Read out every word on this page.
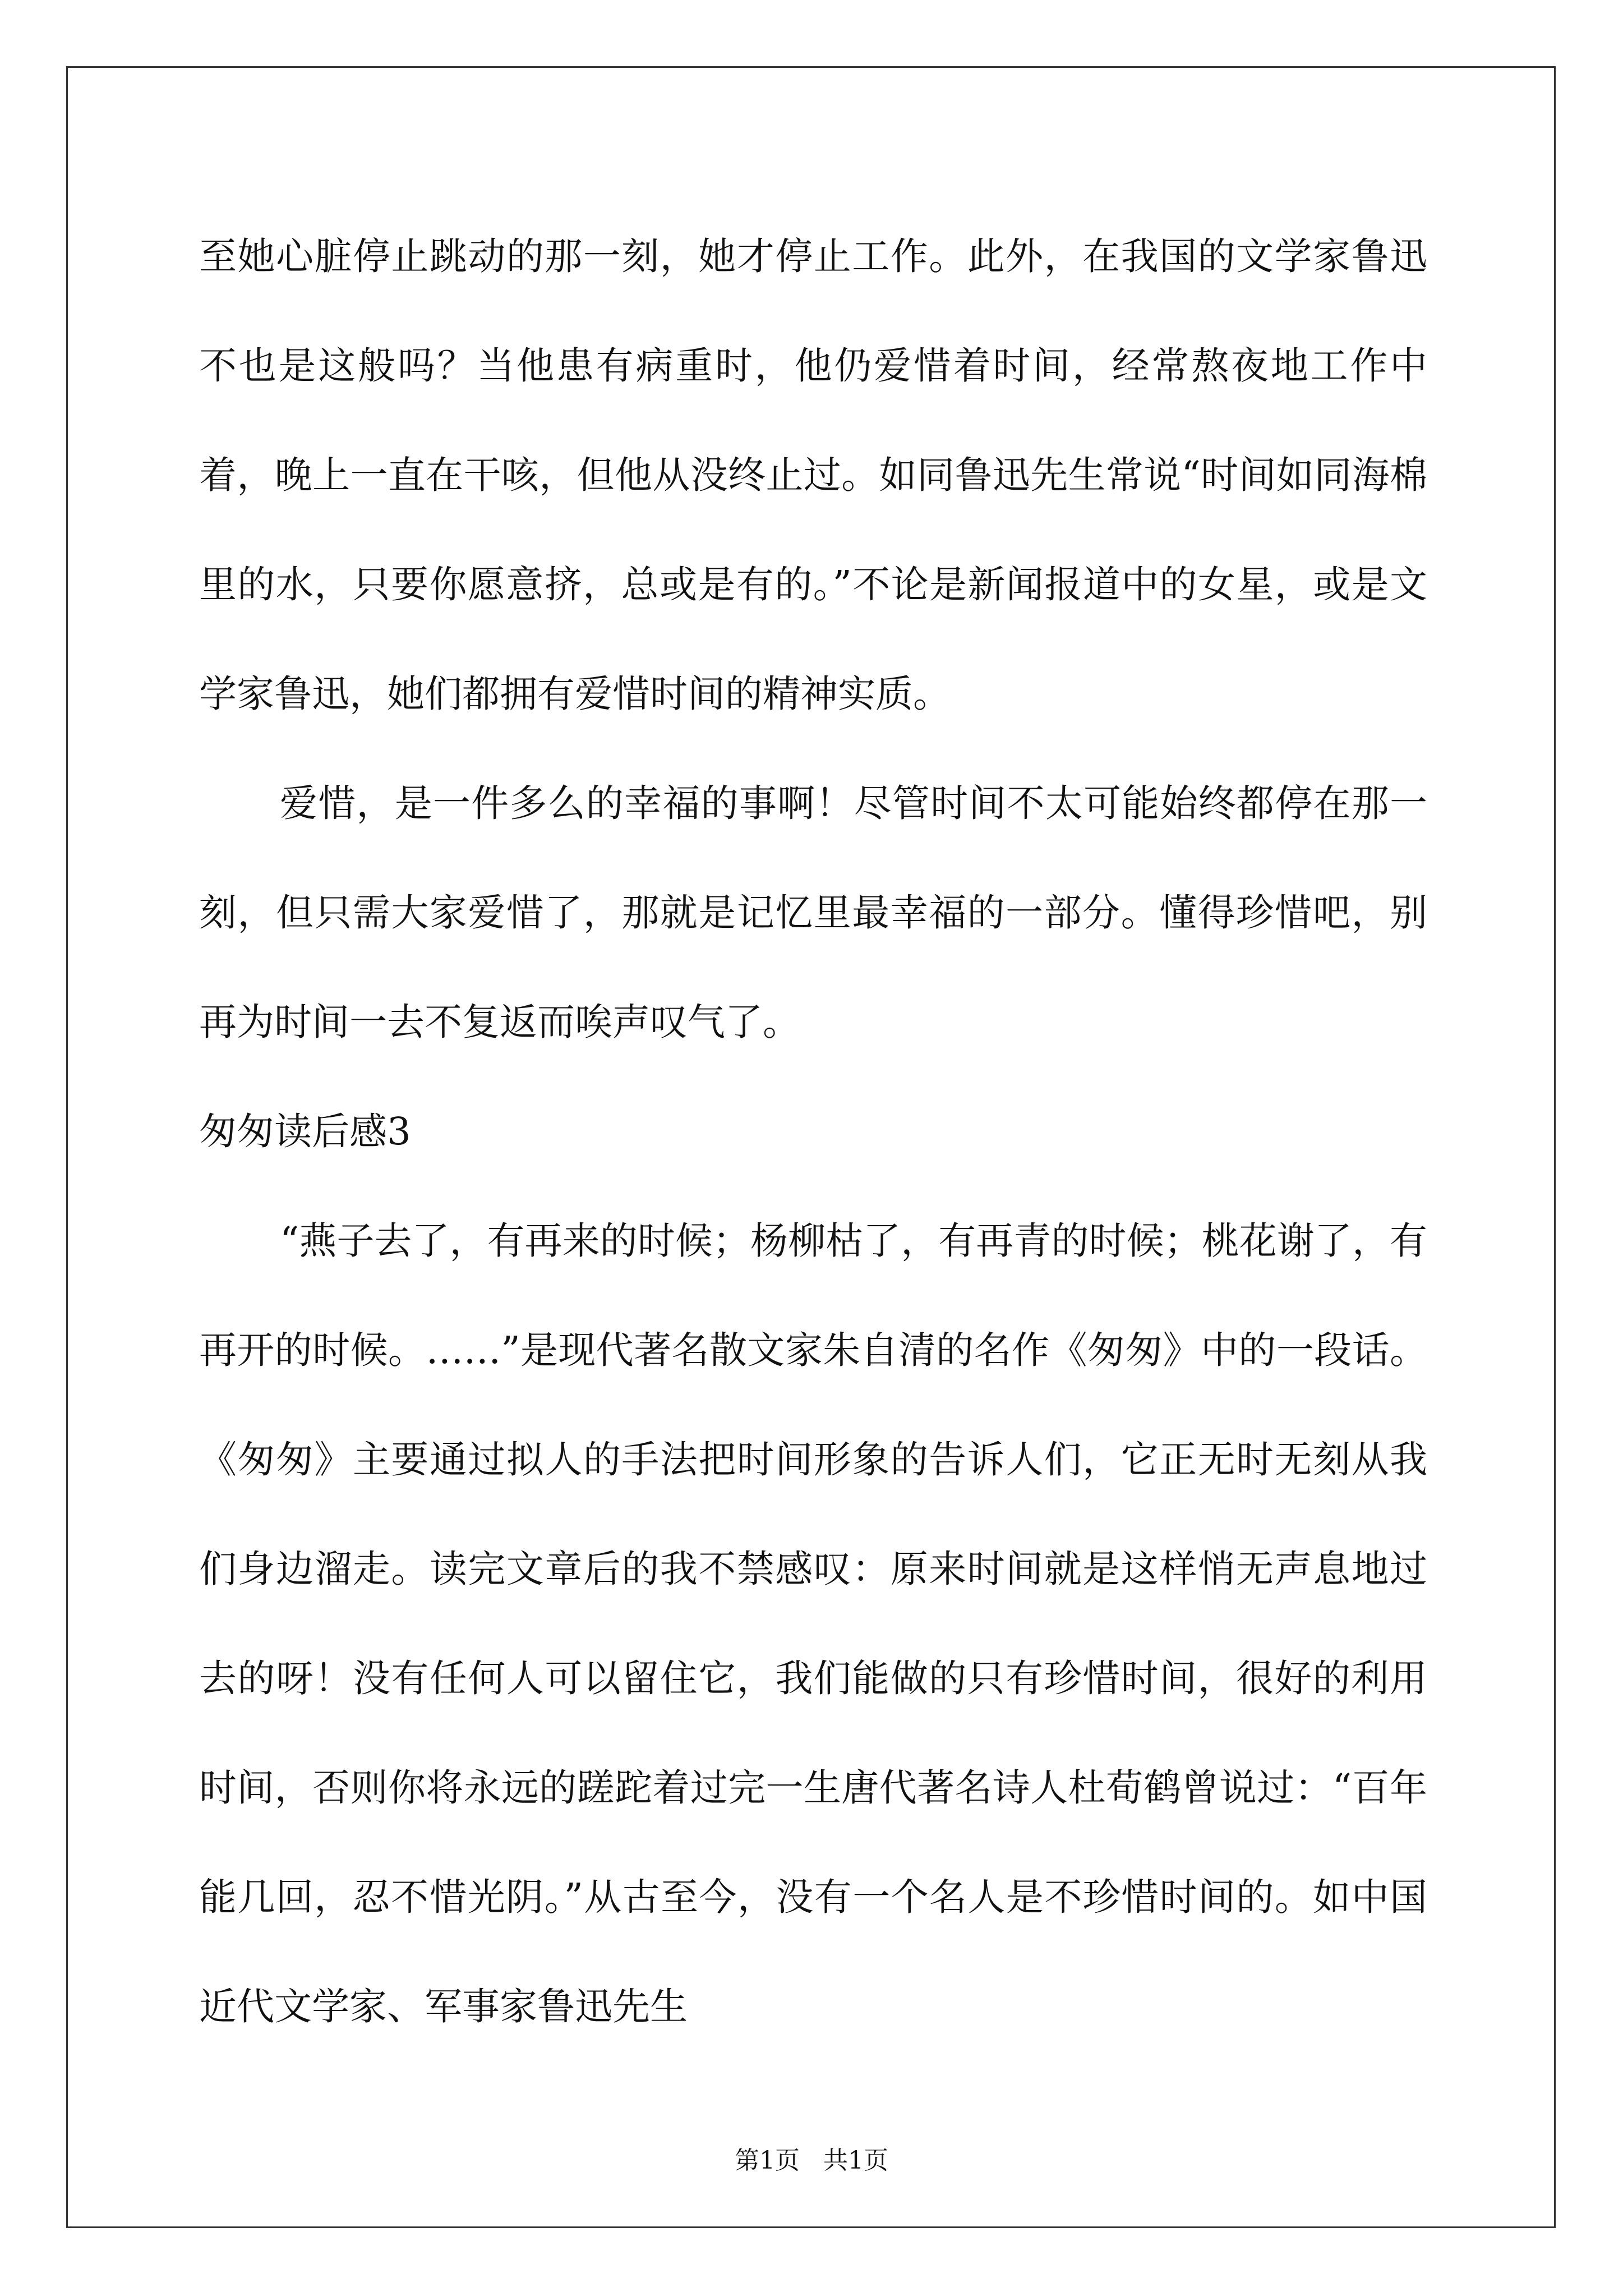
至她心脏停止跳动的那一刻，她才停止工作。此外，在我国的文学家鲁迅不也是这般吗？当他患有病重时，他仍爱惜着时间，经常熬夜地工作中着，晚上一直在干咳，但他从没终止过。如同鲁迅先生常说“时间如同海棉里的水，只要你愿意挤，总或是有的。”不论是新闻报道中的女星，或是文学家鲁迅，她们都拥有爱惜时间的精神实质。

爱惜，是一件多么的幸福的事啊！尽管时间不太可能始终都停在那一刻，但只需大家爱惜了，那就是记忆里最幸福的一部分。懂得珍惜吧，别再为时间一去不复返而唉声叹气了。

匆匆读后感3

“燕子去了，有再来的时候；杨柳枯了，有再青的时候；桃花谢了，有再开的时候。……”是现代著名散文家朱自清的名作《匆匆》中的一段话。《匆匆》主要通过拟人的手法把时间形象的告诉人们，它正无时无刻从我们身边溜走。读完文章后的我不禁感叹：原来时间就是这样悄无声息地过去的呀！没有任何人可以留住它，我们能做的只有珍惜时间，很好的利用时间，否则你将永远的蹉跎着过完一生唐代著名诗人杜荀鹤曾说过：“百年能几回，忍不惜光阴。”从古至今，没有一个名人是不珍惜时间的。如中国近代文学家、军事家鲁迅先生

第1页 共1页
